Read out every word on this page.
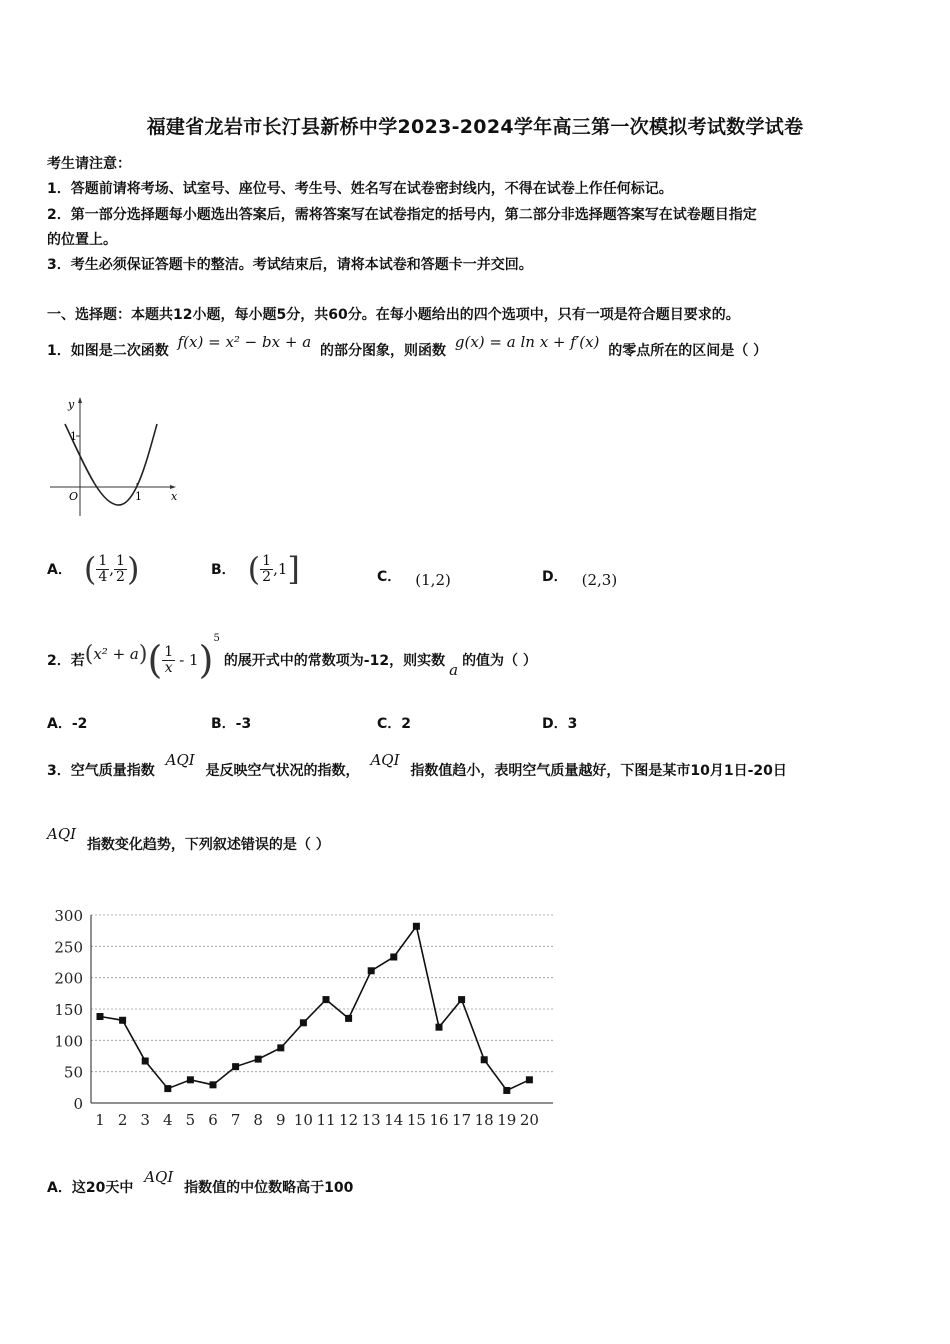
福建省龙岩市长汀县新桥中学2023-2024学年高三第一次模拟考试数学试卷
考生请注意：
1．答题前请将考场、试室号、座位号、考生号、姓名写在试卷密封线内，不得在试卷上作任何标记。
2．第一部分选择题每小题选出答案后，需将答案写在试卷指定的括号内，第二部分非选择题答案写在试卷题目指定
的位置上。
3．考生必须保证答题卡的整洁。考试结束后，请将本试卷和答题卡一并交回。
一、选择题：本题共12小题，每小题5分，共60分。在每小题给出的四个选项中，只有一项是符合题目要求的。
1．如图是二次函数 f(x) = x² − bx + a 的部分图象，则函数 g(x) = a ln x + f′(x) 的零点所在的区间是（ ）
y
x
O
1
1
A． ( $\frac{1}{4}$ , $\frac{1}{2}$ )	B． ( $\frac{1}{2} ,1$ ]	C． (1,2)	D． (2,3)
2．若 ( x² + a ) ( $\frac{1}{x} - 1$ ) 5
的展开式中的常数项为-12，则实数 a 的值为（ ）
A．-2	B．-3	C．2	D．3
3．空气质量指数 AQI 是反映空气状况的指数， AQI 指数值趋小，表明空气质量越好，下图是某市10月1日-20日
AQI 指数变化趋势，下列叙述错误的是（ ）
0
50
100
150
200
250
300
1 2 3 4 5 6 7 8 9 10 11 12 13 14 15 16 17 18 19 20
A．这20天中 AQI 指数值的中位数略高于100
